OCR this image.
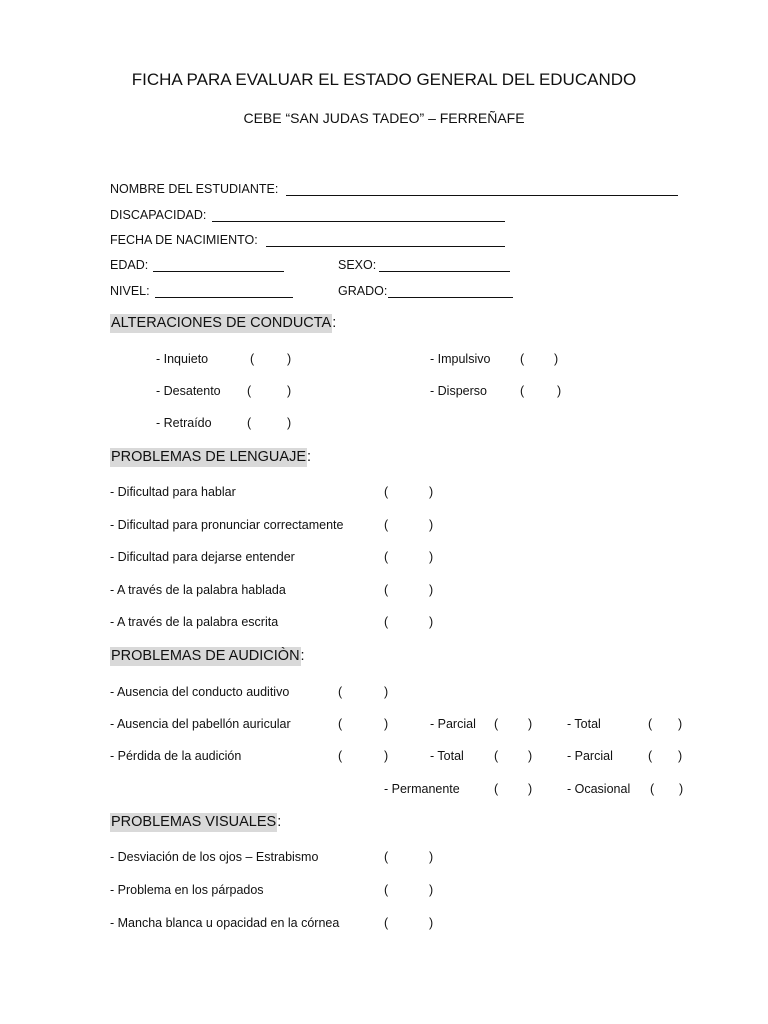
FICHA PARA EVALUAR EL ESTADO GENERAL DEL EDUCANDO
CEBE “SAN JUDAS TADEO” – FERREÑAFE
NOMBRE DEL ESTUDIANTE:
DISCAPACIDAD:
FECHA DE NACIMIENTO:
EDAD:	SEXO:
NIVEL:	GRADO:
ALTERACIONES DE CONDUCTA:
- Inquieto	(	)	- Impulsivo ( )
- Desatento (	)	- Disperso	(	)
- Retraído	(	)
PROBLEMAS DE LENGUAJE:
- Dificultad para hablar	(	)
- Dificultad para pronunciar correctamente	(	)
- Dificultad para dejarse entender	(	)
- A través de la palabra hablada	(	)
- A través de la palabra escrita	(	)
PROBLEMAS DE AUDICIÒN:
- Ausencia del conducto auditivo	(	)
- Ausencia del pabellón auricular	(	)	- Parcial ( )	- Total	( )
- Pérdida de la audición	(	)	- Total ( )	- Parcial	( )
- Permanente	( )	- Ocasional ( )
PROBLEMAS VISUALES:
- Desviación de los ojos – Estrabismo	(	)
- Problema en los párpados	(	)
- Mancha blanca u opacidad en la córnea	(	)
